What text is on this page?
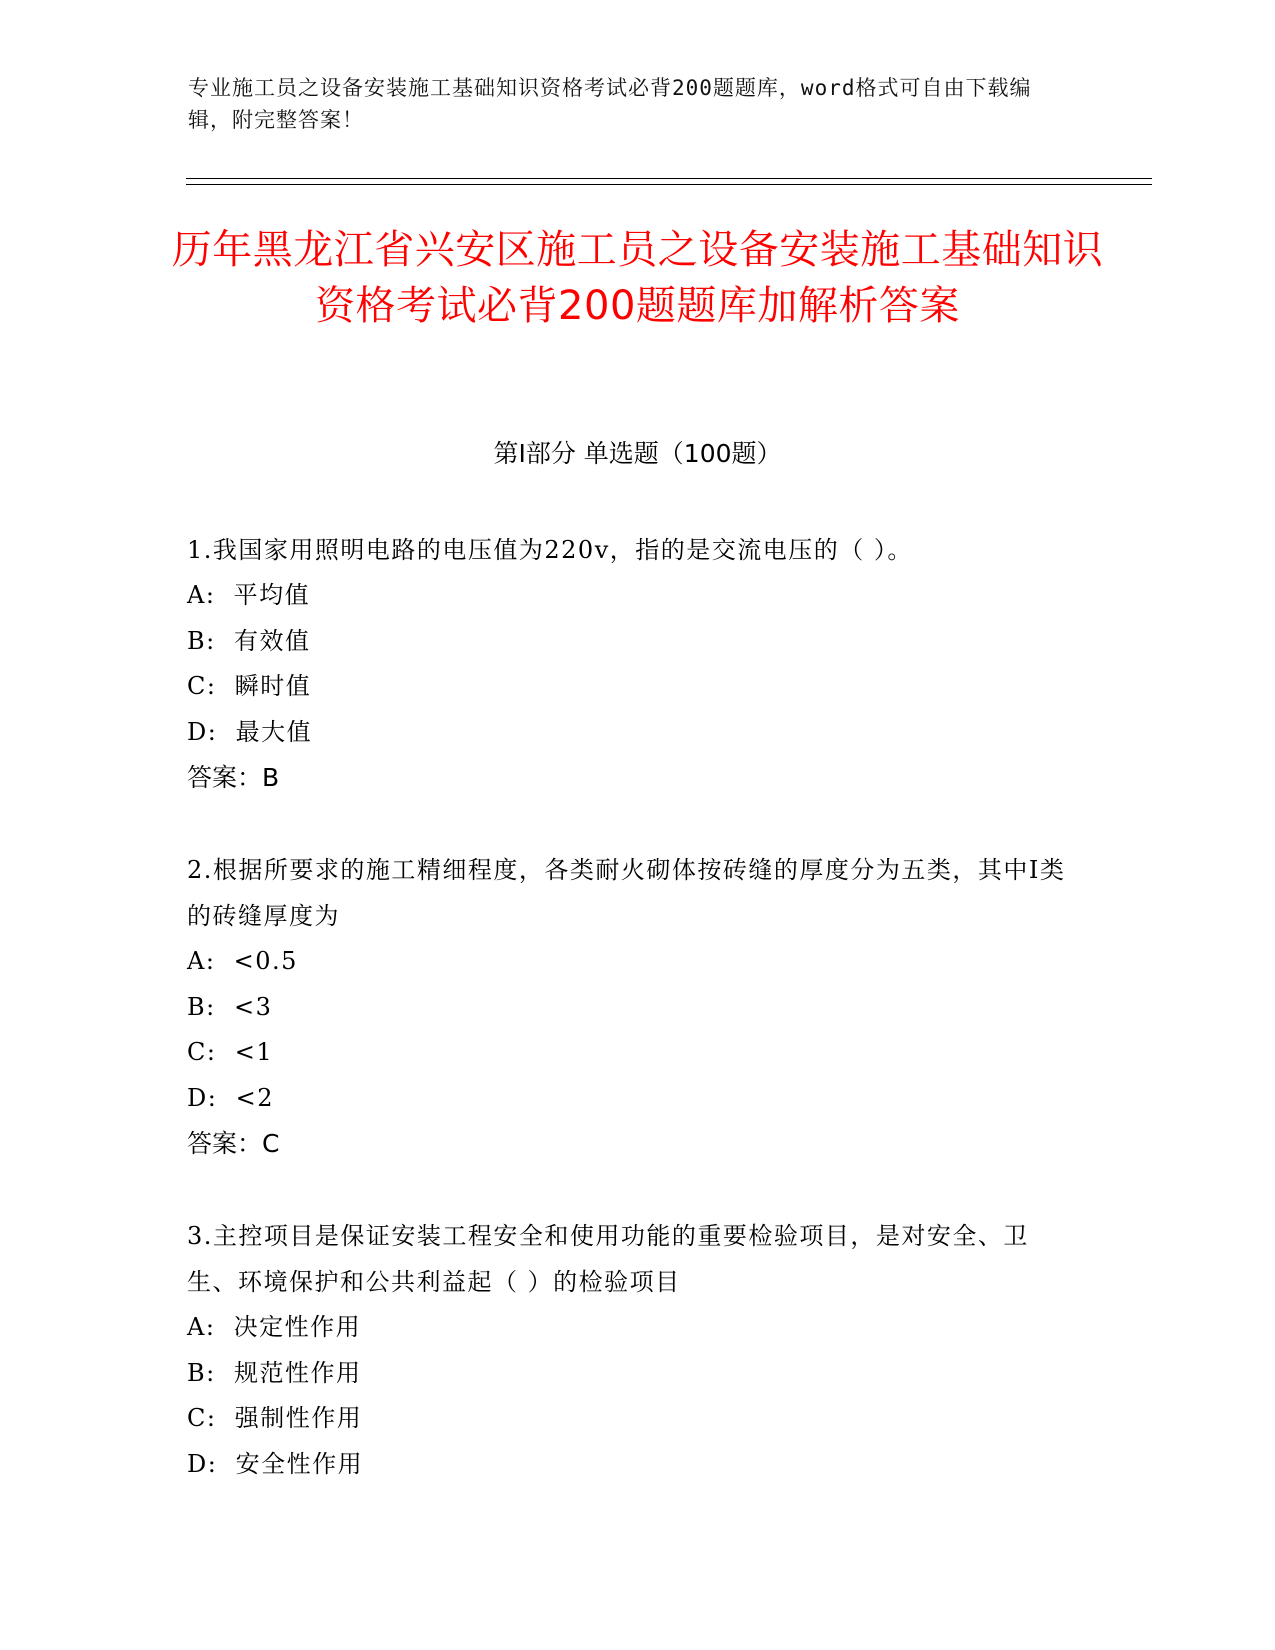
专业施工员之设备安装施工基础知识资格考试必背200题题库，word格式可自由下载编辑，附完整答案！
历年黑龙江省兴安区施工员之设备安装施工基础知识资格考试必背200题题库加解析答案
第Ⅰ部分 单选题（100题）
1.我国家用照明电路的电压值为220v，指的是交流电压的（ ）。
A:  平均值
B:  有效值
C:  瞬时值
D:  最大值
答案：B
2.根据所要求的施工精细程度，各类耐火砌体按砖缝的厚度分为五类，其中Ⅰ类的砖缝厚度为
A:  <0.5
B:  <3
C:  <1
D:  <2
答案：C
3.主控项目是保证安装工程安全和使用功能的重要检验项目，是对安全、卫生、环境保护和公共利益起（ ）的检验项目
A:  决定性作用
B:  规范性作用
C:  强制性作用
D:  安全性作用
